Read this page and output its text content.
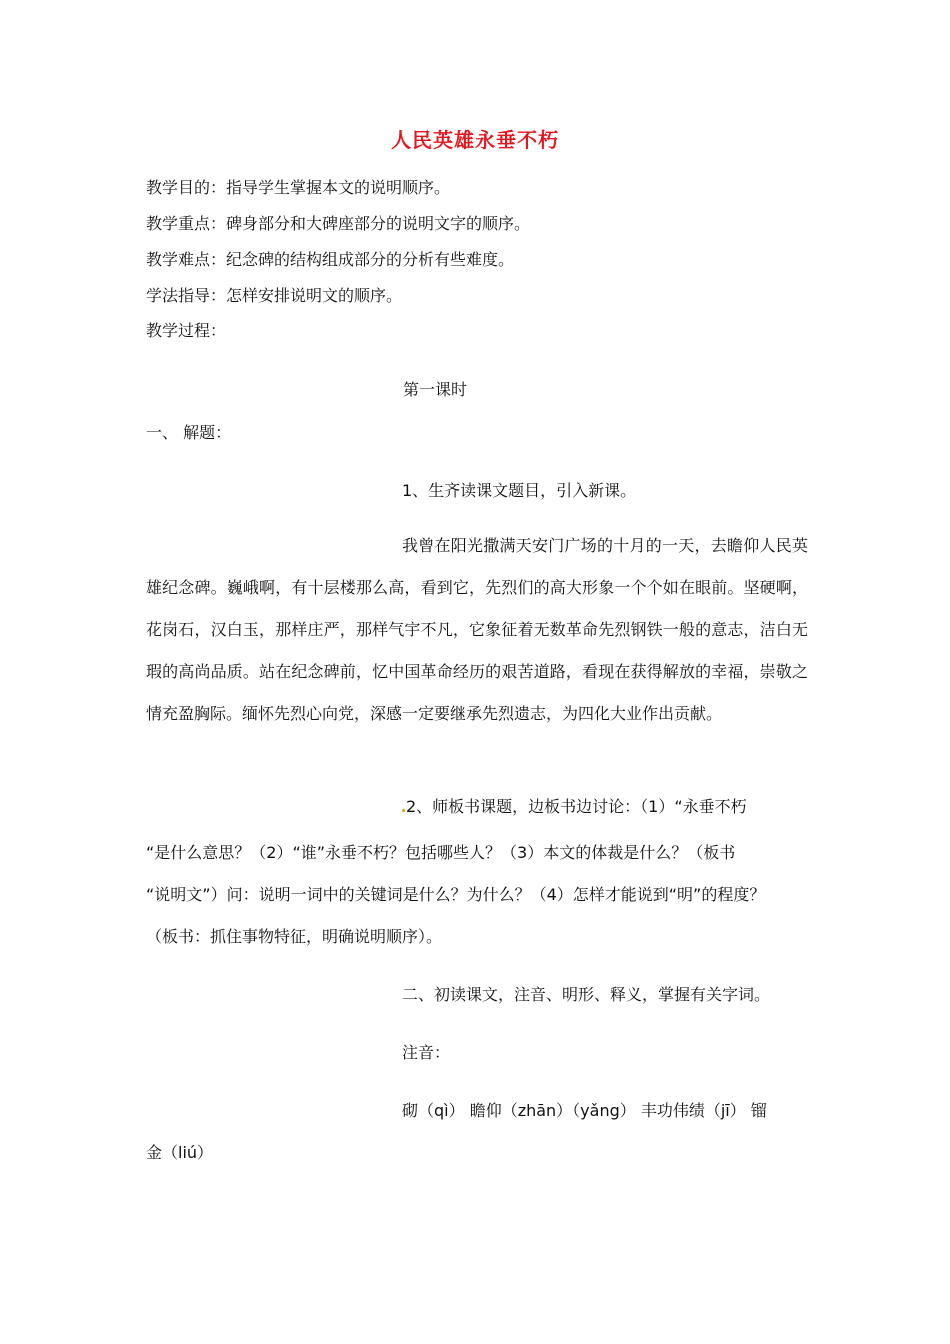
人民英雄永垂不朽
教学目的：指导学生掌握本文的说明顺序。
教学重点：碑身部分和大碑座部分的说明文字的顺序。
教学难点：纪念碑的结构组成部分的分析有些难度。
学法指导：怎样安排说明文的顺序。
教学过程：
第一课时
一、 解题：
1、生齐读课文题目，引入新课。
我曾在阳光撒满天安门广场的十月的一天，去瞻仰人民英雄纪念碑。巍峨啊，有十层楼那么高，看到它，先烈们的高大形象一个个如在眼前。坚硬啊，花岗石，汉白玉，那样庄严，那样气宇不凡，它象征着无数革命先烈钢铁一般的意志，洁白无瑕的高尚品质。站在纪念碑前，忆中国革命经历的艰苦道路，看现在获得解放的幸福，崇敬之情充盈胸际。缅怀先烈心向党，深感一定要继承先烈遗志，为四化大业作出贡献。
2、师板书课题，边板书边讨论：（1）“永垂不朽
“是什么意思？（2）“谁”永垂不朽？包括哪些人？（3）本文的体裁是什么？（板书
“说明文”）问：说明一词中的关键词是什么？为什么？（4）怎样才能说到“明”的程度？
（板书：抓住事物特征，明确说明顺序）。
二、初读课文，注音、明形、释义，掌握有关字词。
注音：
砌（qì） 瞻仰（zhān）（yǎng） 丰功伟绩（jī） 镏
金（liú）
